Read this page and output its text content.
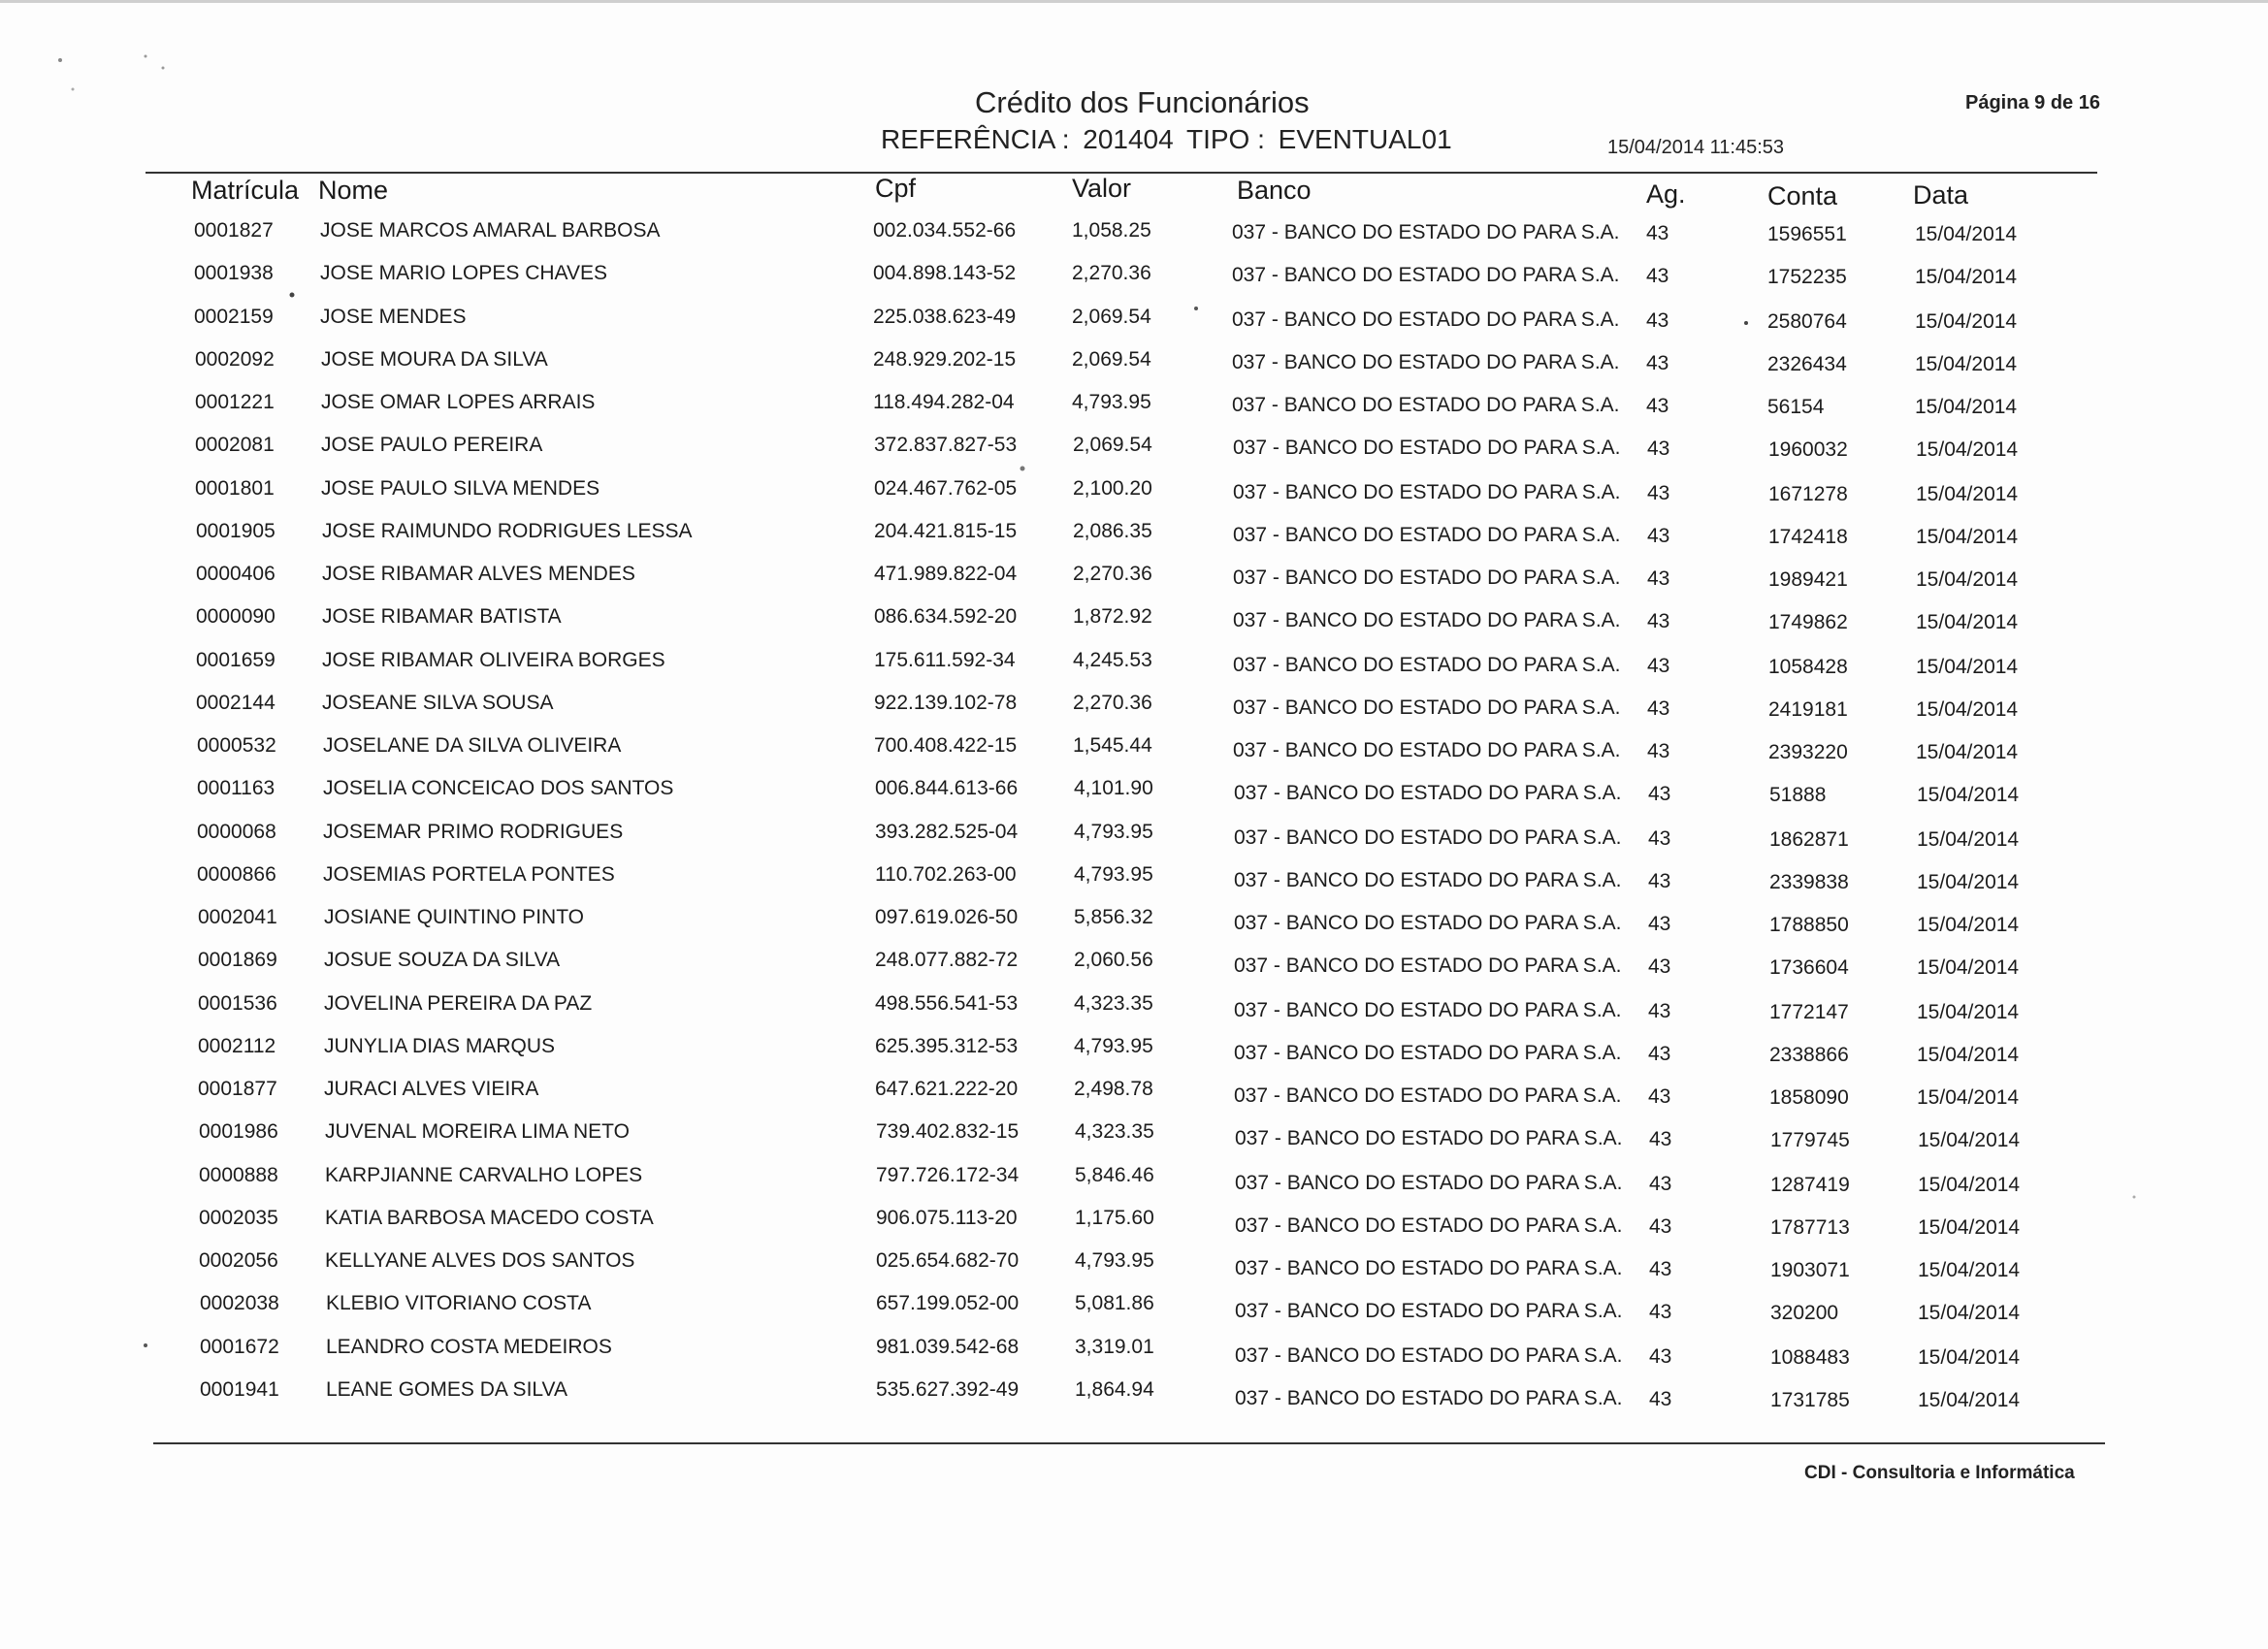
Crédito dos Funcionários
REFERÊNCIA : 201404 TIPO : EVENTUAL01
Página 9 de 16
15/04/2014 11:45:53
Matrícula Nome	Cpf	Valor	Banco	Ag.	Conta	Data
0001827 JOSE MARCOS AMARAL BARBOSA	002.034.552-66	1,058.25	037 - BANCO DO ESTADO DO PARA S.A. 43	1596551	15/04/2014
0001938 JOSE MARIO LOPES CHAVES	004.898.143-52	2,270.36	037 - BANCO DO ESTADO DO PARA S.A. 43	1752235	15/04/2014
0002159 JOSE MENDES	225.038.623-49	2,069.54	037 - BANCO DO ESTADO DO PARA S.A. 43	2580764	15/04/2014
0002092 JOSE MOURA DA SILVA	248.929.202-15	2,069.54	037 - BANCO DO ESTADO DO PARA S.A. 43	2326434	15/04/2014
0001221 JOSE OMAR LOPES ARRAIS	118.494.282-04	4,793.95	037 - BANCO DO ESTADO DO PARA S.A. 43	56154	15/04/2014
0002081 JOSE PAULO PEREIRA	372.837.827-53	2,069.54	037 - BANCO DO ESTADO DO PARA S.A. 43	1960032	15/04/2014
0001801 JOSE PAULO SILVA MENDES	024.467.762-05	2,100.20	037 - BANCO DO ESTADO DO PARA S.A. 43	1671278	15/04/2014
0001905 JOSE RAIMUNDO RODRIGUES LESSA	204.421.815-15	2,086.35	037 - BANCO DO ESTADO DO PARA S.A. 43	1742418	15/04/2014
0000406 JOSE RIBAMAR ALVES MENDES	471.989.822-04	2,270.36	037 - BANCO DO ESTADO DO PARA S.A. 43	1989421	15/04/2014
0000090 JOSE RIBAMAR BATISTA	086.634.592-20	1,872.92	037 - BANCO DO ESTADO DO PARA S.A. 43	1749862	15/04/2014
0001659 JOSE RIBAMAR OLIVEIRA BORGES	175.611.592-34	4,245.53	037 - BANCO DO ESTADO DO PARA S.A. 43	1058428	15/04/2014
0002144 JOSEANE SILVA SOUSA	922.139.102-78	2,270.36	037 - BANCO DO ESTADO DO PARA S.A. 43	2419181	15/04/2014
0000532 JOSELANE DA SILVA OLIVEIRA	700.408.422-15	1,545.44	037 - BANCO DO ESTADO DO PARA S.A. 43	2393220	15/04/2014
0001163 JOSELIA CONCEICAO DOS SANTOS	006.844.613-66	4,101.90	037 - BANCO DO ESTADO DO PARA S.A. 43	51888	15/04/2014
0000068 JOSEMAR PRIMO RODRIGUES	393.282.525-04	4,793.95	037 - BANCO DO ESTADO DO PARA S.A. 43	1862871	15/04/2014
0000866 JOSEMIAS PORTELA PONTES	110.702.263-00	4,793.95	037 - BANCO DO ESTADO DO PARA S.A. 43	2339838	15/04/2014
0002041 JOSIANE QUINTINO PINTO	097.619.026-50	5,856.32	037 - BANCO DO ESTADO DO PARA S.A. 43	1788850	15/04/2014
0001869 JOSUE SOUZA DA SILVA	248.077.882-72	2,060.56	037 - BANCO DO ESTADO DO PARA S.A. 43	1736604	15/04/2014
0001536 JOVELINA PEREIRA DA PAZ	498.556.541-53	4,323.35	037 - BANCO DO ESTADO DO PARA S.A. 43	1772147	15/04/2014
0002112 JUNYLIA DIAS MARQUS	625.395.312-53	4,793.95	037 - BANCO DO ESTADO DO PARA S.A. 43	2338866	15/04/2014
0001877 JURACI ALVES VIEIRA	647.621.222-20	2,498.78	037 - BANCO DO ESTADO DO PARA S.A. 43	1858090	15/04/2014
0001986 JUVENAL MOREIRA LIMA NETO	739.402.832-15	4,323.35	037 - BANCO DO ESTADO DO PARA S.A. 43	1779745	15/04/2014
0000888 KARPJIANNE CARVALHO LOPES	797.726.172-34	5,846.46	037 - BANCO DO ESTADO DO PARA S.A. 43	1287419	15/04/2014
0002035 KATIA BARBOSA MACEDO COSTA	906.075.113-20	1,175.60	037 - BANCO DO ESTADO DO PARA S.A. 43	1787713	15/04/2014
0002056 KELLYANE ALVES DOS SANTOS	025.654.682-70	4,793.95	037 - BANCO DO ESTADO DO PARA S.A. 43	1903071	15/04/2014
0002038 KLEBIO VITORIANO COSTA	657.199.052-00	5,081.86	037 - BANCO DO ESTADO DO PARA S.A. 43	320200	15/04/2014
0001672 LEANDRO COSTA MEDEIROS	981.039.542-68	3,319.01	037 - BANCO DO ESTADO DO PARA S.A. 43	1088483	15/04/2014
0001941 LEANE GOMES DA SILVA	535.627.392-49	1,864.94	037 - BANCO DO ESTADO DO PARA S.A. 43	1731785	15/04/2014
CDI - Consultoria e Informática
